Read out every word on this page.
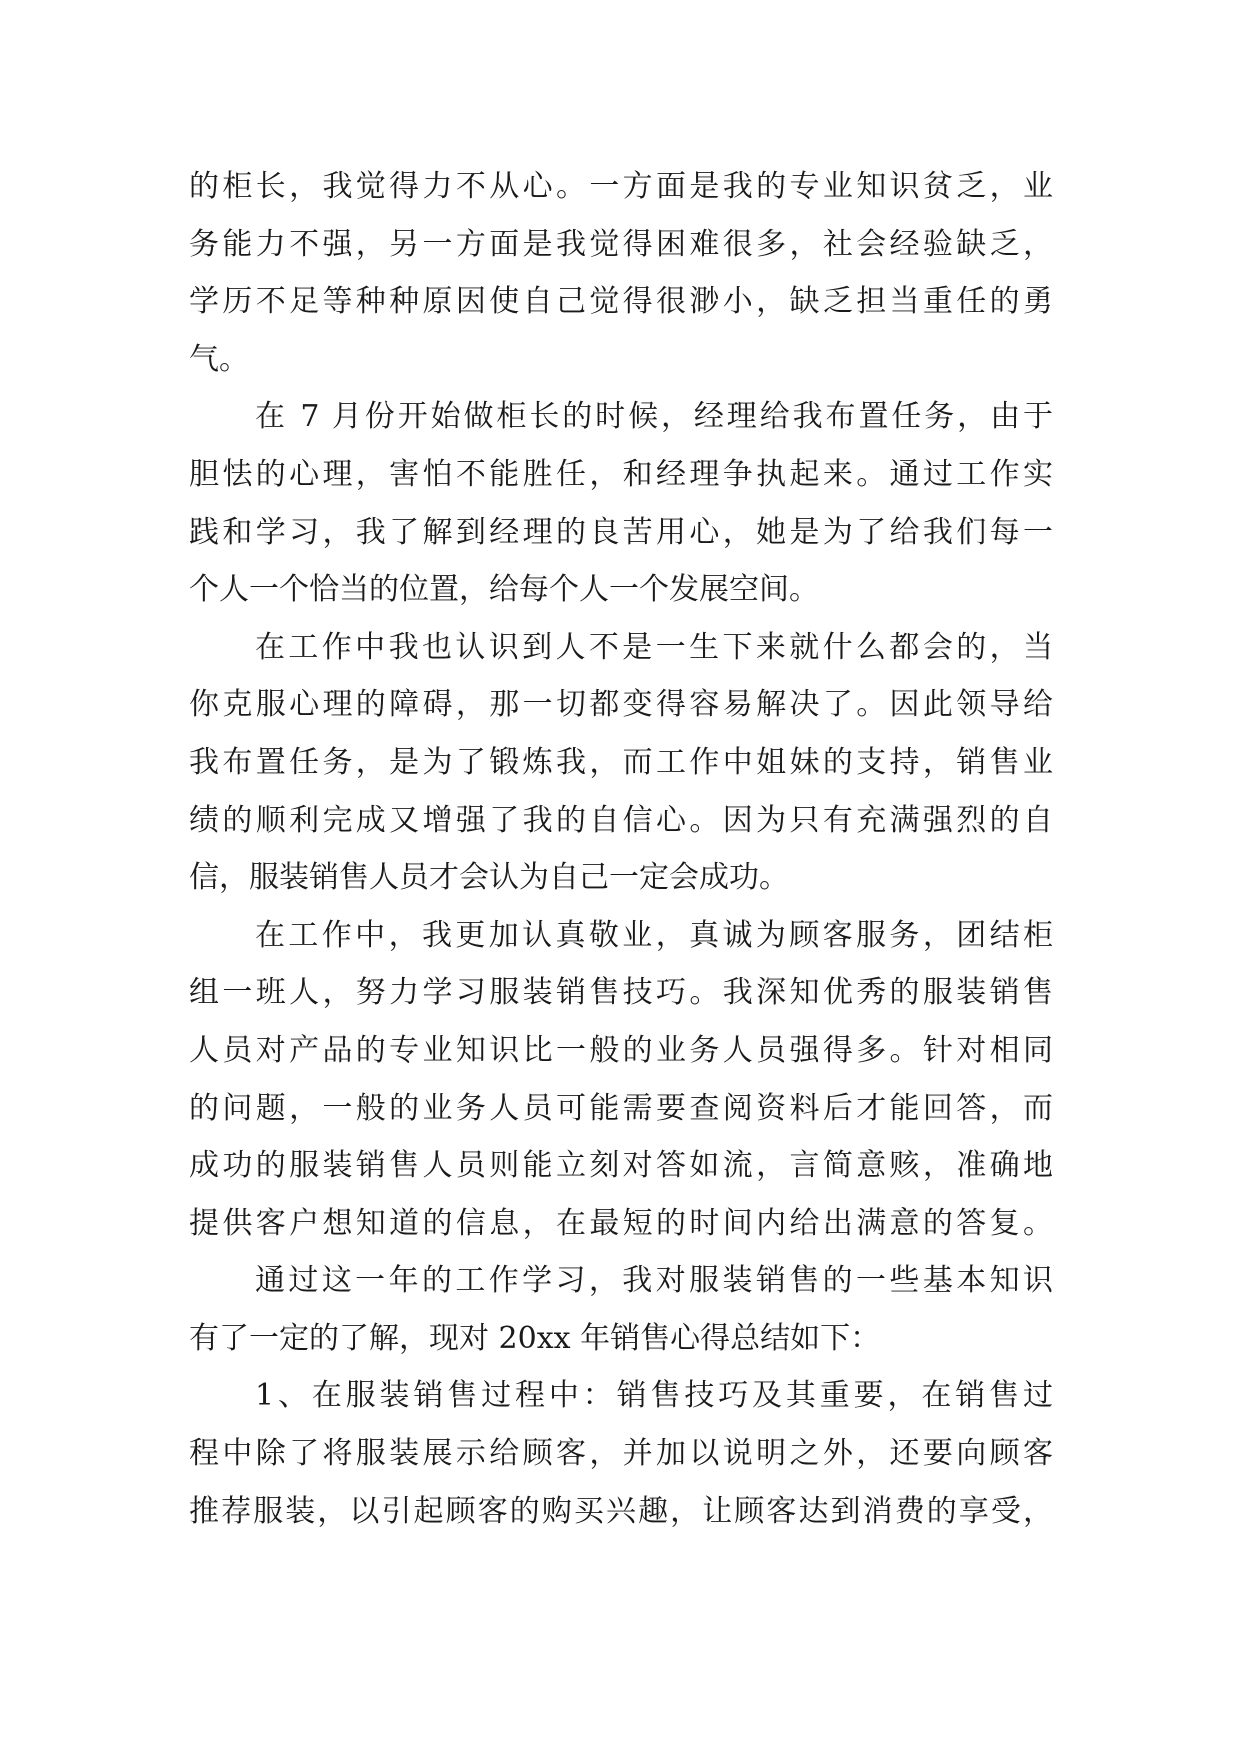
的柜长，我觉得力不从心。一方面是我的专业知识贫乏，业
务能力不强，另一方面是我觉得困难很多，社会经验缺乏，
学历不足等种种原因使自己觉得很渺小，缺乏担当重任的勇
气。
在 7 月份开始做柜长的时候，经理给我布置任务，由于
胆怯的心理，害怕不能胜任，和经理争执起来。通过工作实
践和学习，我了解到经理的良苦用心，她是为了给我们每一
个人一个恰当的位置，给每个人一个发展空间。
在工作中我也认识到人不是一生下来就什么都会的，当
你克服心理的障碍，那一切都变得容易解决了。因此领导给
我布置任务，是为了锻炼我，而工作中姐妹的支持，销售业
绩的顺利完成又增强了我的自信心。因为只有充满强烈的自
信，服装销售人员才会认为自己一定会成功。
在工作中，我更加认真敬业，真诚为顾客服务，团结柜
组一班人，努力学习服装销售技巧。我深知优秀的服装销售
人员对产品的专业知识比一般的业务人员强得多。针对相同
的问题，一般的业务人员可能需要查阅资料后才能回答，而
成功的服装销售人员则能立刻对答如流，言简意赅，准确地
提供客户想知道的信息，在最短的时间内给出满意的答复。
通过这一年的工作学习，我对服装销售的一些基本知识
有了一定的了解，现对 20xx 年销售心得总结如下：
1、在服装销售过程中：销售技巧及其重要，在销售过
程中除了将服装展示给顾客，并加以说明之外，还要向顾客
推荐服装，以引起顾客的购买兴趣，让顾客达到消费的享受，
